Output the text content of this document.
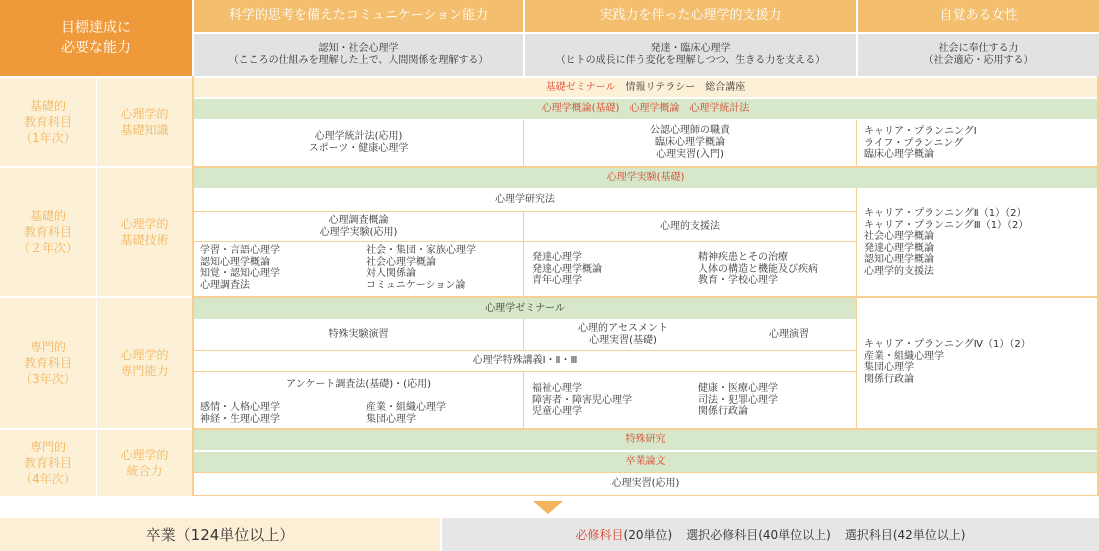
目標達成に
必要な能力
科学的思考を備えたコミュニケーション能力
認知・社会心理学
（こころの仕組みを理解した上で、人間関係を理解する）
実践力を伴った心理学的支援力
発達・臨床心理学
（ヒトの成長に伴う変化を理解しつつ、生きる力を支える）
自覚ある女性
社会に奉仕する力
（社会適応・応用する）
基礎的
教育科目
（1年次）
心理学的
基礎知識
基礎的
教育科目
（２年次）
心理学的
基礎技術
専門的
教育科目
（3年次）
心理学的
専門能力
専門的
教育科目
（4年次）
心理学的
統合力
基礎ゼミナール 情報リテラシー　総合講座
心理学概論(基礎)　心理学概論　心理学統計法
心理学統計法(応用)
スポーツ・健康心理学
公認心理師の職責
臨床心理学概論
心理実習(入門)
キャリア・プランニングⅠ
ライフ・プランニング
臨床心理学概論
心理学実験(基礎)
心理学研究法
心理調査概論
心理学実験(応用)
心理的支援法
学習・言語心理学
認知心理学概論
知覚・認知心理学
心理調査法
社会・集団・家族心理学
社会心理学概論
対人関係論
コミュニケーション論
発達心理学
発達心理学概論
青年心理学
精神疾患とその治療
人体の構造と機能及び疾病
教育・学校心理学
キャリア・プランニングⅡ（1）（2）
キャリア・プランニングⅢ（1）（2）
社会心理学概論
発達心理学概論
認知心理学概論
心理学的支援法
心理学ゼミナール
特殊実験演習
心理的アセスメント
心理実習(基礎)
心理演習
心理学特殊講義Ⅰ・Ⅱ・Ⅲ
アンケート調査法(基礎)・(応用)
感情・人格心理学
神経・生理心理学
産業・組織心理学
集団心理学
福祉心理学
障害者・障害児心理学
児童心理学
健康・医療心理学
司法・犯罪心理学
関係行政論
キャリア・プランニングⅣ（1）（2）
産業・組織心理学
集団心理学
関係行政論
特殊研究
卒業論文
心理実習(応用)
卒業（124単位以上）	必修科目 (20単位) 選択必修科目(40単位以上) 選択科目(42単位以上)
